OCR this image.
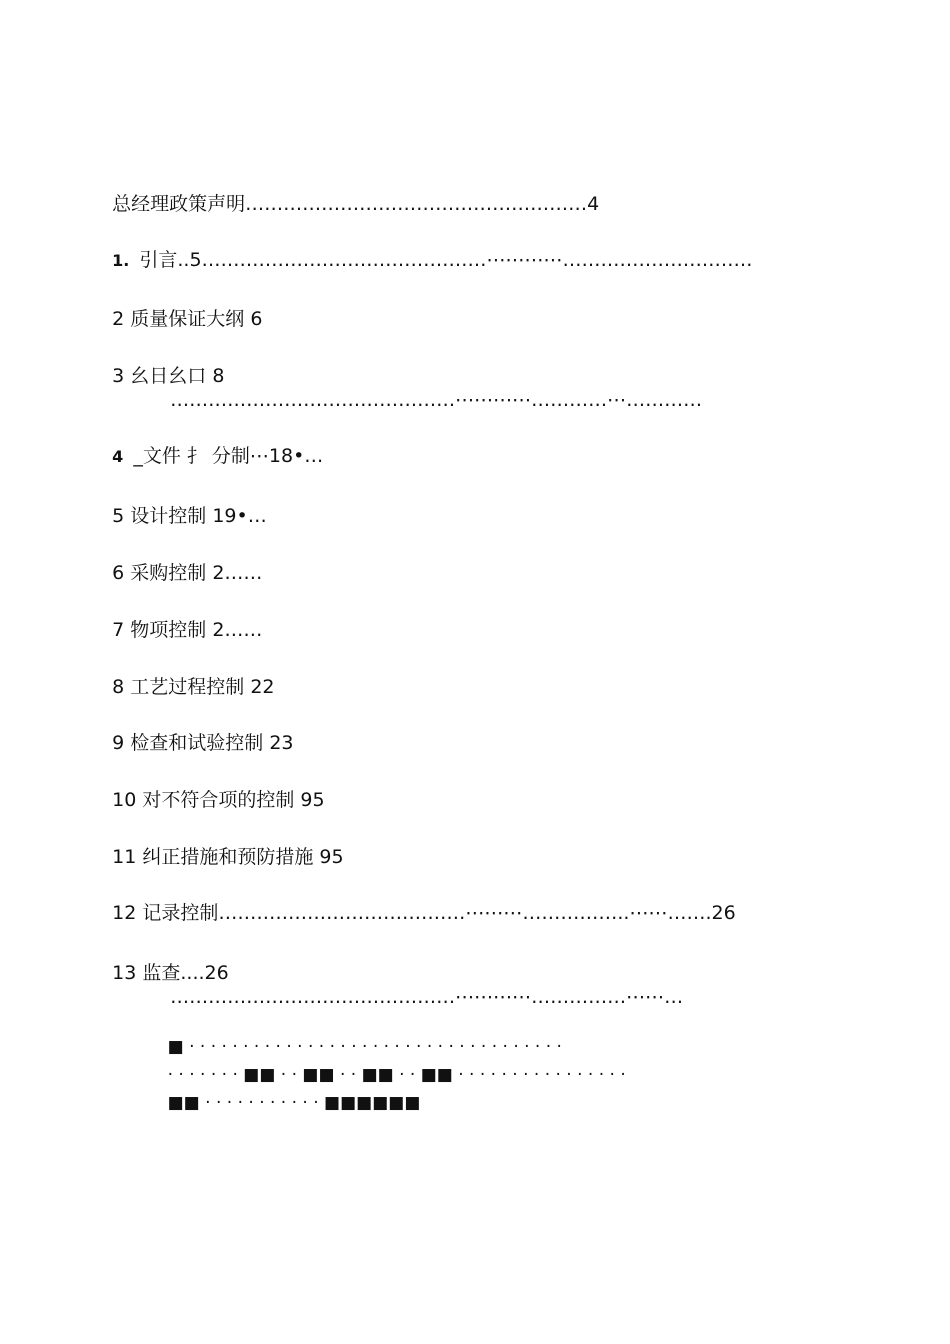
总经理政策声明………………………………………………4

1. 引言..5………………………………………⋯⋯⋯⋯…………………………

2 质量保证大纲 6

3 幺日幺口 8

………………………………………⋯⋯⋯⋯…………⋯…………

4 _文件 扌 分制⋯18•…

5 设计控制 19•…

6 采购控制 2……

7 物项控制 2……

8 工艺过程控制 22

9 检查和试验控制 23

10 对不符合项的控制 95

11 纠正措施和预防措施 95

12 记录控制…………………………………⋯⋯⋯……………..⋯⋯…….26

13 监查....26

………………………………………⋯⋯⋯⋯……………⋯⋯…

■ · · · · · · · · · · · · · · · · · · · · · · · · · · · · · · · · · · ·

· · · · · · · ■■ · · ■■ · · ■■ · · ■■ · · · · · · · · · · · · · · · ·

■■ · · · · · · · · · · · ■■■■■■
